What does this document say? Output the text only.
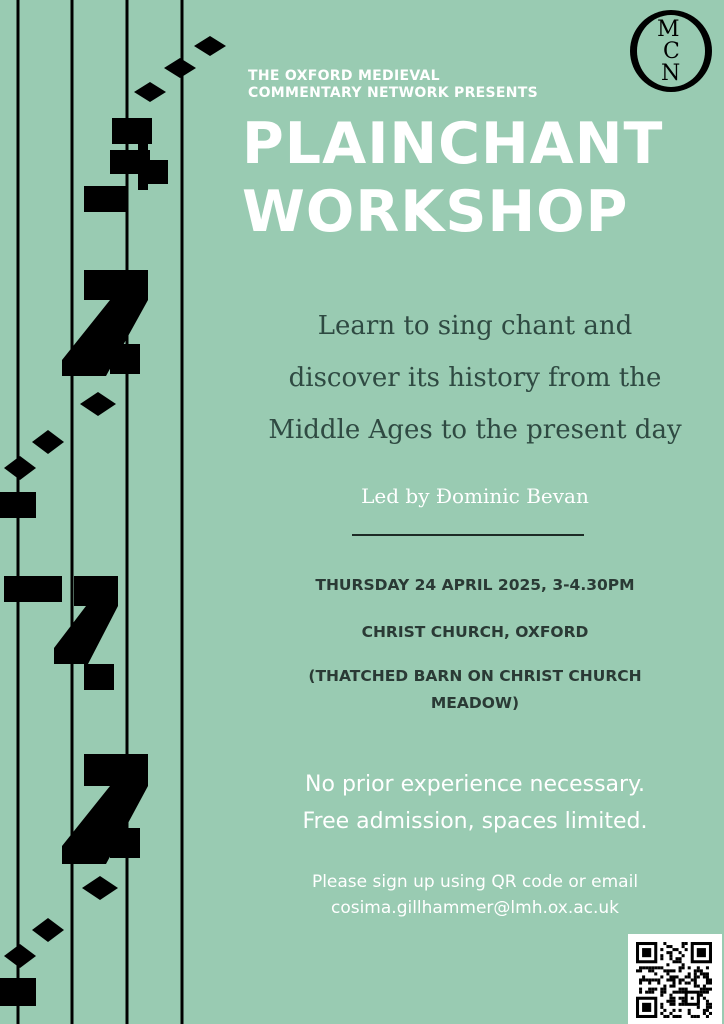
M
C
N
THE OXFORD MEDIEVAL
COMMENTARY NETWORK PRESENTS
PLAINCHANT
WORKSHOP
Learn to sing chant and
discover its history from the
Middle Ages to the present day
Led by Ɖominic Bevan
THURSDAY 24 APRIL 2025, 3-4.30PM
CHRIST CHURCH, OXFORD
(THATCHED BARN ON CHRIST CHURCH
MEADOW)
No prior experience necessary.
Free admission, spaces limited.
Please sign up using QR code or email
cosima.gillhammer@lmh.ox.ac.uk
